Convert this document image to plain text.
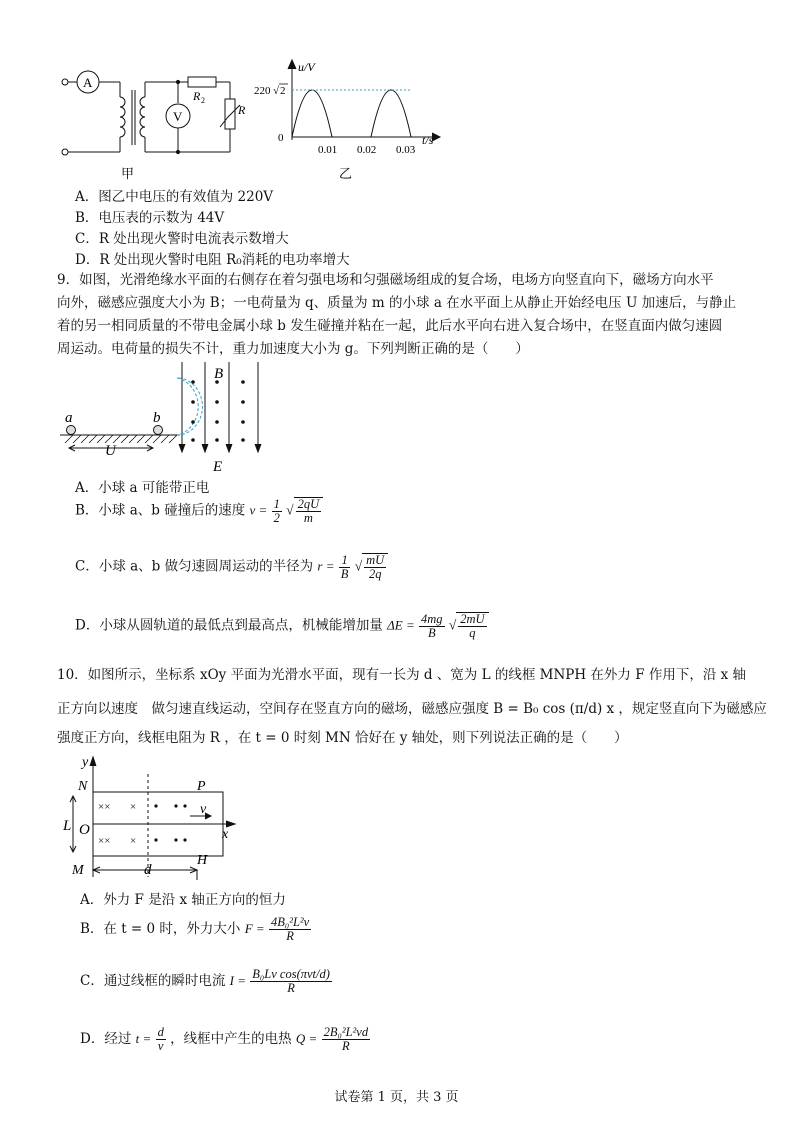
A
V
R 2
R
甲
u/V
220 √ 2
0
0.01 0.02 0.03
t/s
乙
A．图乙中电压的有效值为 220V
B．电压表的示数为 44V
C．R 处出现火警时电流表示数增大
D．R 处出现火警时电阻 R₀消耗的电功率增大
9．如图，光滑绝缘水平面的右侧存在着匀强电场和匀强磁场组成的复合场，电场方向竖直向下，磁场方向水平
向外，磁感应强度大小为 B；一电荷量为 q、质量为 m 的小球 a 在水平面上从静止开始经电压 U 加速后，与静止
着的另一相同质量的不带电金属小球 b 发生碰撞并粘在一起，此后水平向右进入复合场中，在竖直面内做匀速圆
周运动。电荷量的损失不计，重力加速度大小为 g。下列判断正确的是（　　）
a	b
B
U
E
A．小球 a 可能带正电
B．小球 a、b 碰撞后的速度 $v = \frac{1}{2}$ √ $\frac{2qU}{m}$
C．小球 a、b 做匀速圆周运动的半径为 $r = \frac{1}{B}$ √ $\frac{mU}{2q}$
D．小球从圆轨道的最低点到最高点，机械能增加量 $\Delta E = \frac{4mg}{B}$ √ $\frac{2mU}{q}$
10．如图所示，坐标系 xOy 平面为光滑水平面，现有一长为 d 、宽为 L 的线框 MNPH 在外力 F 作用下，沿 x 轴
正方向以速度　做匀速直线运动，空间存在竖直方向的磁场，磁感应强度 B = B₀ cos (π/d) x ，规定竖直向下为磁感应
强度正方向，线框电阻为 R ，在 t = 0 时刻 MN 恰好在 y 轴处，则下列说法正确的是（　　）
×× ×
×× ×
y
N	P
v
L O	x
H
M	d
A．外力 F 是沿 x 轴正方向的恒力
B．在 t = 0 时，外力大小 $F = \frac{\text{4B₀²L²v}}{R}$
C．通过线框的瞬时电流 $I = \frac{\text{B₀Lv cos(πvt/d)}}{R}$
D．经过 $t = \frac{d}{v}$ ，线框中产生的电热 $Q = \frac{\text{2B₀²L²vd}}{R}$
试卷第 1 页，共 3 页
